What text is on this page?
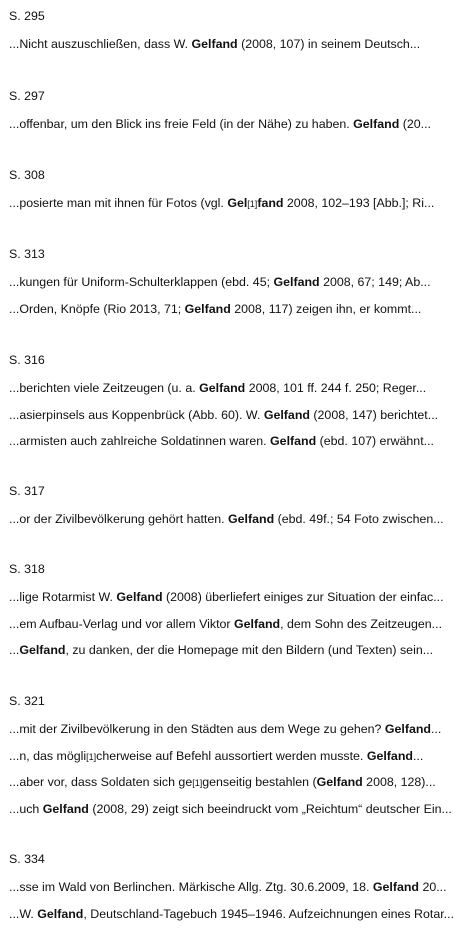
S. 295
...Nicht auszuschließen, dass W. Gelfand (2008, 107) in seinem Deutsch...
S. 297
...offenbar, um den Blick ins freie Feld (in der Nähe) zu haben. Gelfand (20...
S. 308
...posierte man mit ihnen für Fotos (vgl. Gel[1]fand 2008, 102–193 [Abb.]; Ri...
S. 313
...kungen für Uniform-Schulterklappen (ebd. 45; Gelfand 2008, 67; 149; Ab...
...Orden, Knöpfe (Rio 2013, 71; Gelfand 2008, 117) zeigen ihn, er kommt...
S. 316
...berichten viele Zeitzeugen (u. a. Gelfand 2008, 101 ff. 244 f. 250; Reger...
...asierpinsels aus Koppenbrück (Abb. 60). W. Gelfand (2008, 147) berichtet...
...armisten auch zahlreiche Soldatinnen waren. Gelfand (ebd. 107) erwähnt...
S. 317
...or der Zivilbevölkerung gehört hatten. Gelfand (ebd. 49f.; 54 Foto zwischen...
S. 318
...lige Rotarmist W. Gelfand (2008) überliefert einiges zur Situation der einfac...
...em Aufbau-Verlag und vor allem Viktor Gelfand, dem Sohn des Zeitzeugen...
...Gelfand, zu danken, der die Homepage mit den Bildern (und Texten) sein...
S. 321
...mit der Zivilbevölkerung in den Städten aus dem Wege zu gehen? Gelfand...
...n, das mögli[1]cherweise auf Befehl aussortiert werden musste. Gelfand...
...aber vor, dass Soldaten sich ge[1]genseitig bestahlen (Gelfand 2008, 128)...
...uch Gelfand (2008, 29) zeigt sich beeindruckt vom „Reichtum“ deutscher Ein...
S. 334
...sse im Wald von Berlinchen. Märkische Allg. Ztg. 30.6.2009, 18. Gelfand 20...
...W. Gelfand, Deutschland-Tagebuch 1945–1946. Aufzeichnungen eines Rotar...
